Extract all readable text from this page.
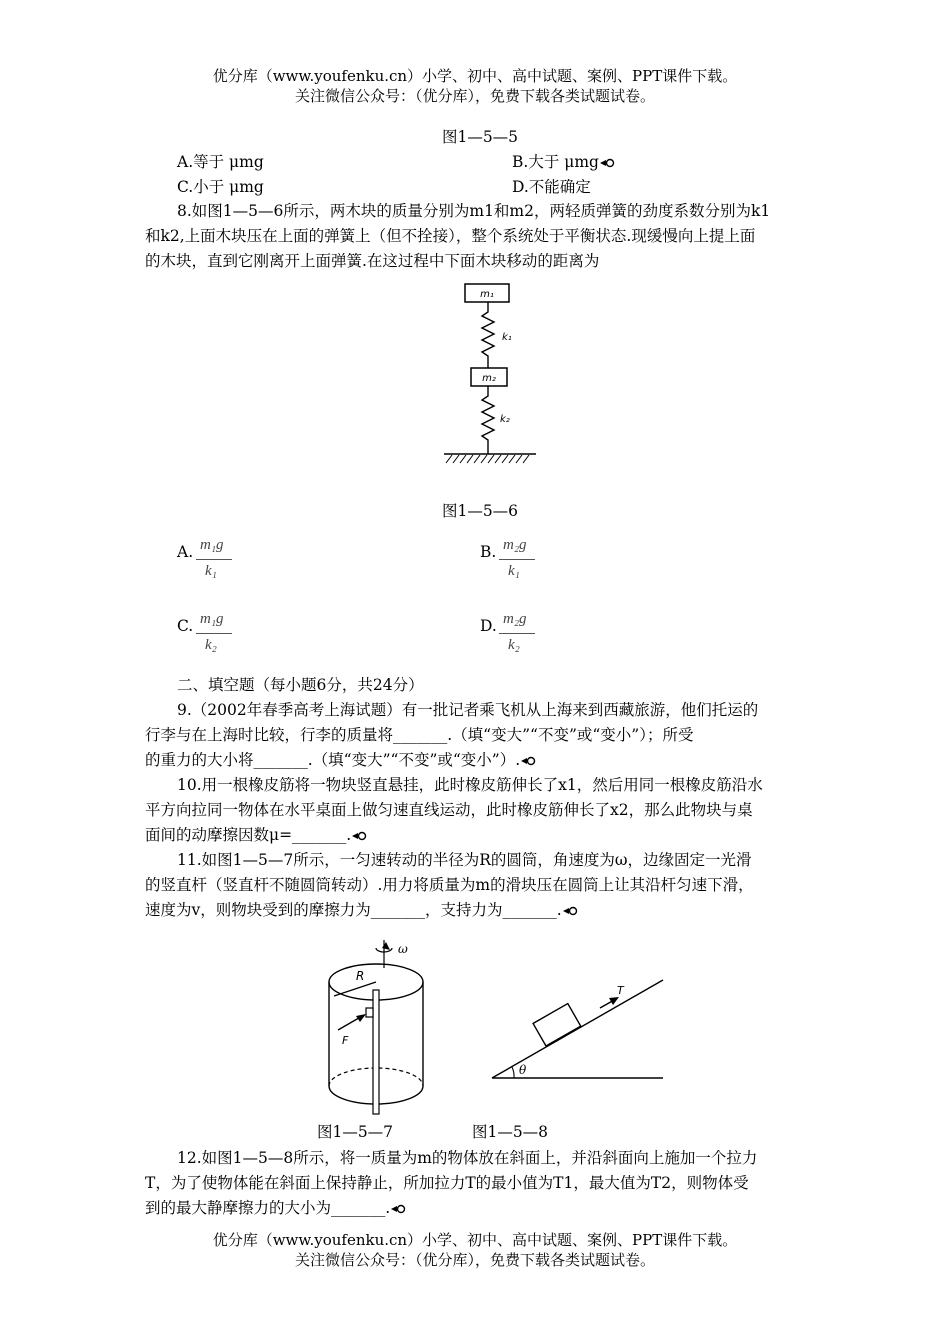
优分库（www.youfenku.cn）小学、初中、高中试题、案例、PPT课件下载。
关注微信公众号：（优分库），免费下载各类试题试卷。
图1—5—5
A.等于 μmg	B.大于 μmg
C.小于 μmg	D.不能确定
8.如图1—5—6所示，两木块的质量分别为m1和m2，两轻质弹簧的劲度系数分别为k1
和k2,上面木块压在上面的弹簧上（但不拴接），整个系统处于平衡状态.现缓慢向上提上面
的木块，直到它刚离开上面弹簧.在这过程中下面木块移动的距离为
m₁
k₁
m₂
k₂
图1—5—6
A. m₁g
k₁
B. m₂g
k₁
C. m₁g
k₂
D. m₂g
k₂
二、填空题（每小题6分，共24分）
9.（2002年春季高考上海试题）有一批记者乘飞机从上海来到西藏旅游，他们托运的
行李与在上海时比较，行李的质量将_______.（填“变大”“不变”或“变小”）；所受
的重力的大小将_______.（填“变大”“不变”或“变小”）.
10.用一根橡皮筋将一物块竖直悬挂，此时橡皮筋伸长了x1，然后用同一根橡皮筋沿水
平方向拉同一物体在水平桌面上做匀速直线运动，此时橡皮筋伸长了x2，那么此物块与桌
面间的动摩擦因数μ=_______.
11.如图1—5—7所示，一匀速转动的半径为R的圆筒，角速度为ω，边缘固定一光滑
的竖直杆（竖直杆不随圆筒转动）.用力将质量为m的滑块压在圆筒上让其沿杆匀速下滑，
速度为v，则物块受到的摩擦力为_______，支持力为_______.
ω
R
F
θ
T
图1—5—7	图1—5—8
12.如图1—5—8所示，将一质量为m的物体放在斜面上，并沿斜面向上施加一个拉力
T，为了使物体能在斜面上保持静止，所加拉力T的最小值为T1，最大值为T2，则物体受
到的最大静摩擦力的大小为_______.
优分库（www.youfenku.cn）小学、初中、高中试题、案例、PPT课件下载。
关注微信公众号：（优分库），免费下载各类试题试卷。
